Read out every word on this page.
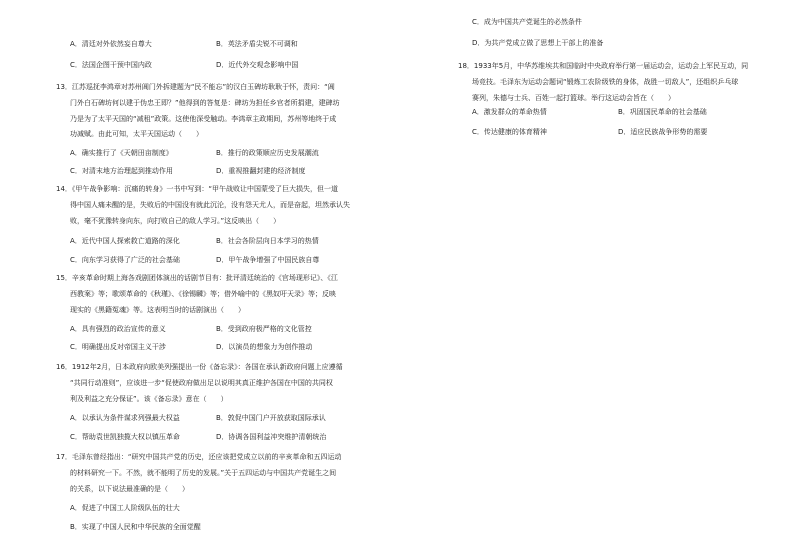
A．清廷对外依然妄自尊大	B．英法矛盾尖锐不可调和
C．法国企图干预中国内政	D．近代外交观念影响中国
13．江苏巡抚李鸿章对苏州阊门外拆建题为“民不能忘”的汉白玉碑坊耿耿于怀，责问：“阊
门外白石碑坊何以建于伪忠王即？”他得到的答复是：碑坊为担任乡官者所捐建，建碑坊
乃是为了太平天国的“减租”政策。这使他深受触动。李鸿章主政期间，苏州等地终于成
功减赋。由此可知，太平天国运动（　　）
A．确实推行了《天朝田亩制度》	B．推行的政策顺应历史发展潮流
C．对清末地方治理起到推动作用	D．重视推翻封建的经济制度
14．《甲午战争影响：沉痛的转身》一书中写到：“甲午战败让中国蒙受了巨大损失，但一道
得中国人痛未醒的是，失败后的中国没有就此沉沦，没有怨天尤人，而是奋起，坦然承认失
败，毫不犹豫转身向东，向打败自己的敌人学习。”这反映出（　　）
A．近代中国人探索救亡道路的深化	B．社会各阶层向日本学习的热情
C．向东学习获得了广泛的社会基础	D．甲午战争增强了中国民族自尊
15．辛亥革命时期上海各戏剧团体演出的话剧节目有：批评清廷统治的《官场现形记》、《江
西教案》等；歌颂革命的《秋瑾》、《徐锡麟》等；借外喻中的《黑奴吁天录》等；反映
现实的《黑籍冤魂》等。这表明当时的话剧演出（　　）
A．具有强烈的政治宣传的意义	B．受到政府极严格的文化管控
C．明确提出反对帝国主义干涉	D．以演员的想象力为创作推动
16．1912年2月，日本政府向欧美列强提出一份《备忘录》：各国在承认新政府问题上应遵循
“共同行动准则”，应该进一步“促使政府做出足以说明其真正维护各国在中国的共同权
利及利益之充分保证”。该《备忘录》意在（　　）
A．以承认为条件谋求列强最大权益	B．敦促中国门户开放获取国际承认
C．帮助袁世凯独揽大权以镇压革命	D．协调各国利益冲突维护清朝统治
17．毛泽东曾经指出：“研究中国共产党的历史，还应该把党成立以前的辛亥革命和五四运动
的材料研究一下。不然，就不能明了历史的发展。”关于五四运动与中国共产党诞生之间
的关系，以下说法最准确的是（　　）
A．促进了中国工人阶级队伍的壮大
B．实现了中国人民和中华民族的全面觉醒
C．成为中国共产党诞生的必然条件
D．为共产党成立做了思想上干部上的准备
18．1933年5月，中华苏维埃共和国临时中央政府举行第一届运动会，运动会上军民互动，同
场竞技。毛泽东为运动会题词“锻炼工农阶级铁的身体，战胜一切敌人”，还组织乒乓球
赛列，朱德与士兵、百姓一起打篮球。举行这运动会旨在（　　）
A．激发群众的革命热情	B．巩固国民革命的社会基础
C．传达健康的体育精神	D．适应民族战争形势的需要
